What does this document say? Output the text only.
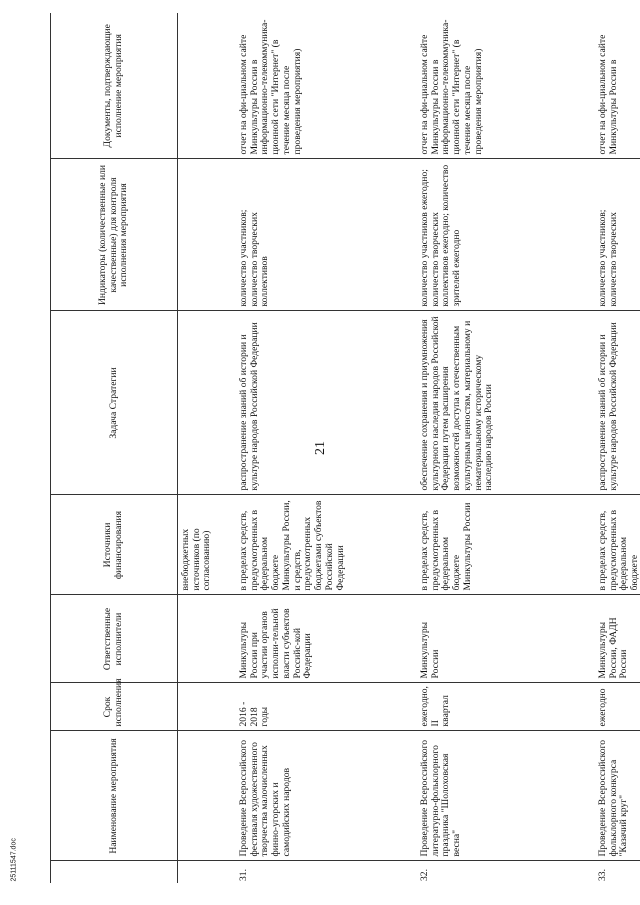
21
25111547.doc
	Наименование мероприятия	Срок исполнения	Ответственные исполнители	Источники финансирования	Задача Стратегии	Индикаторы (количественные или качественные) для контроля исполнения мероприятия	Документы, подтверждающие исполнение мероприятия
				внебюджетных источников (по согласованию)			
31.	Проведение Всероссийского фестиваля художественного творчества малочисленных финно-угорских и самодийских народов	2016 - 2018 годы	Минкультуры России при участии органов исполни-тельной власти субъектов Российс-кой Федерации	в пределах средств, предусмотренных в федеральном бюджете Минкультуры России, и средств, предусмотренных бюджетами субъектов Российской Федерации	распространение знаний об истории и культуре народов Российской Федерации	количество участников; количество творческих коллективов	отчет на офи-циальном сайте Минкультуры России в информационно-телекоммуника-ционной сети "Интернет" (в течение месяца после проведения мероприятия)
32.	Проведение Всероссийского литературно-фольклорного праздника "Шолоховская весна"	ежегодно, II квартал	Минкультуры России	в пределах средств, предусмотренных в федеральном бюджете Минкультуры России	обеспечение сохранения и приумножения культурного наследия народов Российской Федерации путем расширения возможностей доступа к отечественным культурным ценностям, материальному и нематериальному историческому наследию народов России	количество участников ежегодно; количество творческих коллективов ежегодно; количество зрителей ежегодно	отчет на офи-циальном сайте Минкультуры России в информационно-телекоммуника-ционной сети "Интернет" (в течение месяца после проведения мероприятия)
33.	Проведение Всероссийского фольклорного конкурса "Казачий круг"	ежегодно	Минкультуры России, ФАДН России	в пределах средств, предусмотренных в федеральном бюджете	распространение знаний об истории и культуре народов Российской Федерации	количество участников; количество творческих	отчет на офи-циальном сайте Минкультуры России в
